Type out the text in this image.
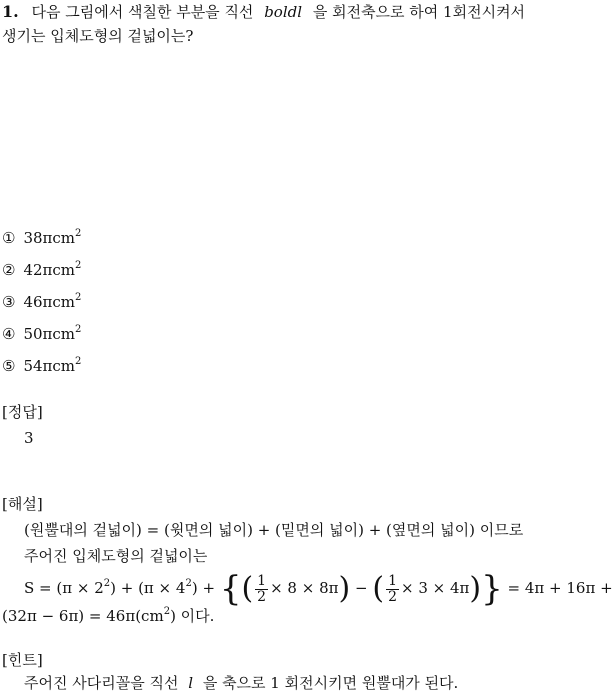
1. 다음 그림에서 색칠한 부분을 직선 boldl 을 회전축으로 하여 1회전시켜서
생기는 입체도형의 겉넓이는?
① 38πcm$^2$
② 42πcm$^2$
③ 46πcm$^2$
④ 50πcm$^2$
⑤ 54πcm$^2$
[정답]
3
[해설]
(원뿔대의 겉넓이) = (윗면의 넓이) + (밑면의 넓이) + (옆면의 넓이) 이므로
주어진 입체도형의 겉넓이는
$S = (\pi \times 2^2) + (\pi \times 4^2)$ + {( $\frac{1}{2} \times 8 \times 8\pi$) − ( $\frac{1}{2} \times 3 \times 4\pi)\} = 4\pi + 16\pi$ +
$(32\pi - 6\pi) = 46\pi(cm^2)$ 이다.
[힌트]
주어진 사다리꼴을 직선 l 을 축으로 1 회전시키면 원뿔대가 된다.
